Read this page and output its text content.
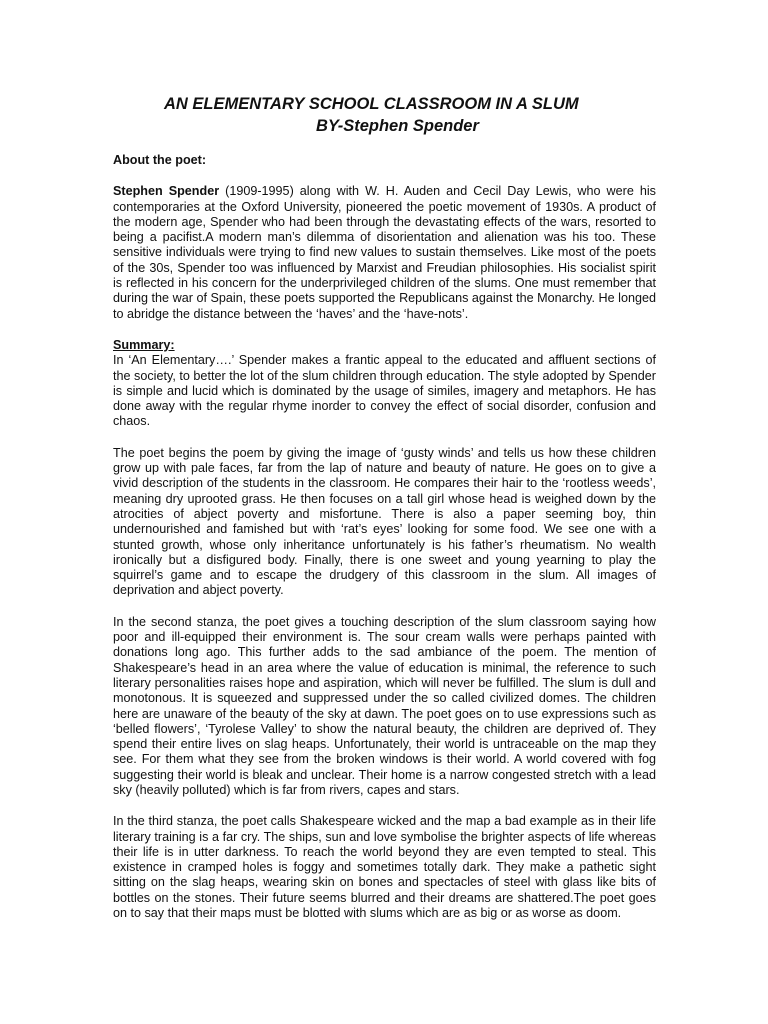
AN ELEMENTARY SCHOOL CLASSROOM IN A SLUM
BY-Stephen Spender
About the poet:

Stephen Spender (1909-1995) along with W. H. Auden and Cecil Day Lewis, who were his contemporaries at the Oxford University, pioneered the poetic movement of 1930s. A product of the modern age, Spender who had been through the devastating effects of the wars, resorted to being a pacifist.A modern man’s dilemma of disorientation and alienation was his too. These sensitive individuals were trying to find new values to sustain themselves. Like most of the poets of the 30s, Spender too was influenced by Marxist and Freudian philosophies. His socialist spirit is reflected in his concern for the underprivileged children of the slums. One must remember that during the war of Spain, these poets supported the Republicans against the Monarchy. He longed to abridge the distance between the ‘haves’ and the ‘have-nots’.

Summary:

In ‘An Elementary….’ Spender makes a frantic appeal to the educated and affluent sections of the society, to better the lot of the slum children through education. The style adopted by Spender is simple and lucid which is dominated by the usage of similes, imagery and metaphors. He has done away with the regular rhyme inorder to convey the effect of social disorder, confusion and chaos.

The poet begins the poem by giving the image of ‘gusty winds’ and tells us how these children grow up with pale faces, far from the lap of nature and beauty of nature. He goes on to give a vivid description of the students in the classroom. He compares their hair to the ‘rootless weeds’, meaning dry uprooted grass. He then focuses on a tall girl whose head is weighed down by the atrocities of abject poverty and misfortune. There is also a paper seeming boy, thin undernourished and famished but with ‘rat’s eyes’ looking for some food. We see one with a stunted growth, whose only inheritance unfortunately is his father’s rheumatism. No wealth ironically but a disfigured body. Finally, there is one sweet and young yearning to play the squirrel’s game and to escape the drudgery of this classroom in the slum. All images of deprivation and abject poverty.

In the second stanza, the poet gives a touching description of the slum classroom saying how poor and ill-equipped their environment is. The sour cream walls were perhaps painted with donations long ago. This further adds to the sad ambiance of the poem. The mention of Shakespeare’s head in an area where the value of education is minimal, the reference to such literary personalities raises hope and aspiration, which will never be fulfilled. The slum is dull and monotonous. It is squeezed and suppressed under the so called civilized domes. The children here are unaware of the beauty of the sky at dawn. The poet goes on to use expressions such as ‘belled flowers’, ‘Tyrolese Valley’ to show the natural beauty, the children are deprived of. They spend their entire lives on slag heaps. Unfortunately, their world is untraceable on the map they see. For them what they see from the broken windows is their world. A world covered with fog suggesting their world is bleak and unclear. Their home is a narrow congested stretch with a lead sky (heavily polluted) which is far from rivers, capes and stars.

In the third stanza, the poet calls Shakespeare wicked and the map a bad example as in their life literary training is a far cry. The ships, sun and love symbolise the brighter aspects of life whereas their life is in utter darkness. To reach the world beyond they are even tempted to steal. This existence in cramped holes is foggy and sometimes totally dark. They make a pathetic sight sitting on the slag heaps, wearing skin on bones and spectacles of steel with glass like bits of bottles on the stones. Their future seems blurred and their dreams are shattered.The poet goes on to say that their maps must be blotted with slums which are as big or as worse as doom.
